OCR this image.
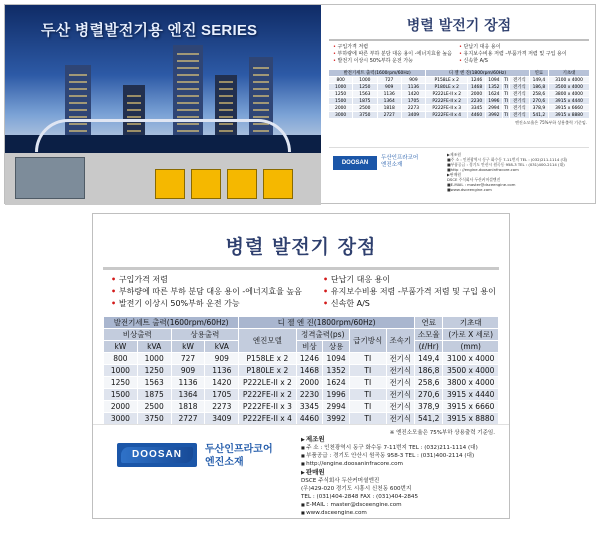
두산 병렬발전기용 엔진 SERIES	병렬 발전기 장점
• 구입가격 저렴	• 단납기 대응 용이
• 부하량에 따른 부하 분담 대응 용이 -에너지효율 높음	• 유지보수비용 저렴 -부품가격 저렴 및 구입 용이
• 발전기 이상시 50%부하 운전 가능	• 신속한 A/S
발전기세트 출력(1600rpm/60Hz)				디 젤 엔 진(1800rpm/60Hz)					연료	기초대
800	1000	727	909	P158LE x 2	1246	1094	TI	전기식	149,4	3100 x 4000
1000	1250	909	1136	P180LE x 2	1468	1352	TI	전기식	186,8	3500 x 4000
1250	1563	1136	1420	P222LE-II x 2	2000	1624	TI	전기식	258,6	3800 x 4000
1500	1875	1364	1705	P222FE-II x 2	2230	1996	TI	전기식	270,6	3915 x 4440
2000	2500	1818	2273	P222FE-II x 3	3345	2994	TI	전기식	378,9	3915 x 6660
3000	3750	2727	3409	P222FE-II x 4	4460	3992	TI	전기식	541,2	3915 x 8880
엔진소모율은 75%부하 상용출력 기준임.
DOOSAN
두산인프라코어
엔진소재
▶제조원
■주 소 : 인천광역시 동구 화수동 7-11번지 TEL : (032)211-1114 (대)
■부품공급 : 경기도 안산시 원곡동 958-3 TEL : (031)400-2114 (대)
■http : //engine.doosaninfracore.com
▶판매원
DSCE 주식회사 두산커머셜엔진
■E-MAIL : master@dsceengine.com
■www.dsceengine.com
병렬 발전기 장점
• 구입가격 저렴	• 단납기 대응 용이
• 부하량에 따른 부하 분담 대응 용이 -에너지효율 높음	• 유지보수비용 저렴 -부품가격 저렴 및 구입 용이
• 발전기 이상시 50%부하 운전 가능	• 신속한 A/S
발전기세트 출력(1600rpm/60Hz)				디 젤 엔 진(1800rpm/60Hz)					연료	기초대
비상출력		상용출력		엔진모델	정격출력(ps)		급기방식	조속기	소모율	(가로 X 세로)
kW	kVA	kW	kVA		비상	상용			(ℓ/Hr)	(mm)
800	1000	727	909	P158LE x 2	1246	1094	TI	전기식	149,4	3100 x 4000
1000	1250	909	1136	P180LE x 2	1468	1352	TI	전기식	186,8	3500 x 4000
1250	1563	1136	1420	P222LE-II x 2	2000	1624	TI	전기식	258,6	3800 x 4000
1500	1875	1364	1705	P222FE-II x 2	2230	1996	TI	전기식	270,6	3915 x 4440
2000	2500	1818	2273	P222FE-II x 3	3345	2994	TI	전기식	378,9	3915 x 6660
3000	3750	2727	3409	P222FE-II x 4	4460	3992	TI	전기식	541,2	3915 x 8880
※ 엔진소모율은 75%부하 상용출력 기준임.
DOOSAN	두산인프라코어
엔진소재
▶ 제조원
■ 주 소 : 인천광역시 동구 화수동 7-11번지 TEL : (032)211-1114 (대)
■ 부품공급 : 경기도 안산시 원곡동 958-3 TEL : (031)400-2114 (대)
■ http://engine.doosaninfracore.com
▶ 판매원
DSCE 주식회사 두산커머셜엔진
(우)429-020 경기도 시흥시 신천동 600번지
TEL : (031)404-2848 FAX : (031)404-2845
■ E-MAIL : master@dsceengine.com
■ www.dsceengine.com
